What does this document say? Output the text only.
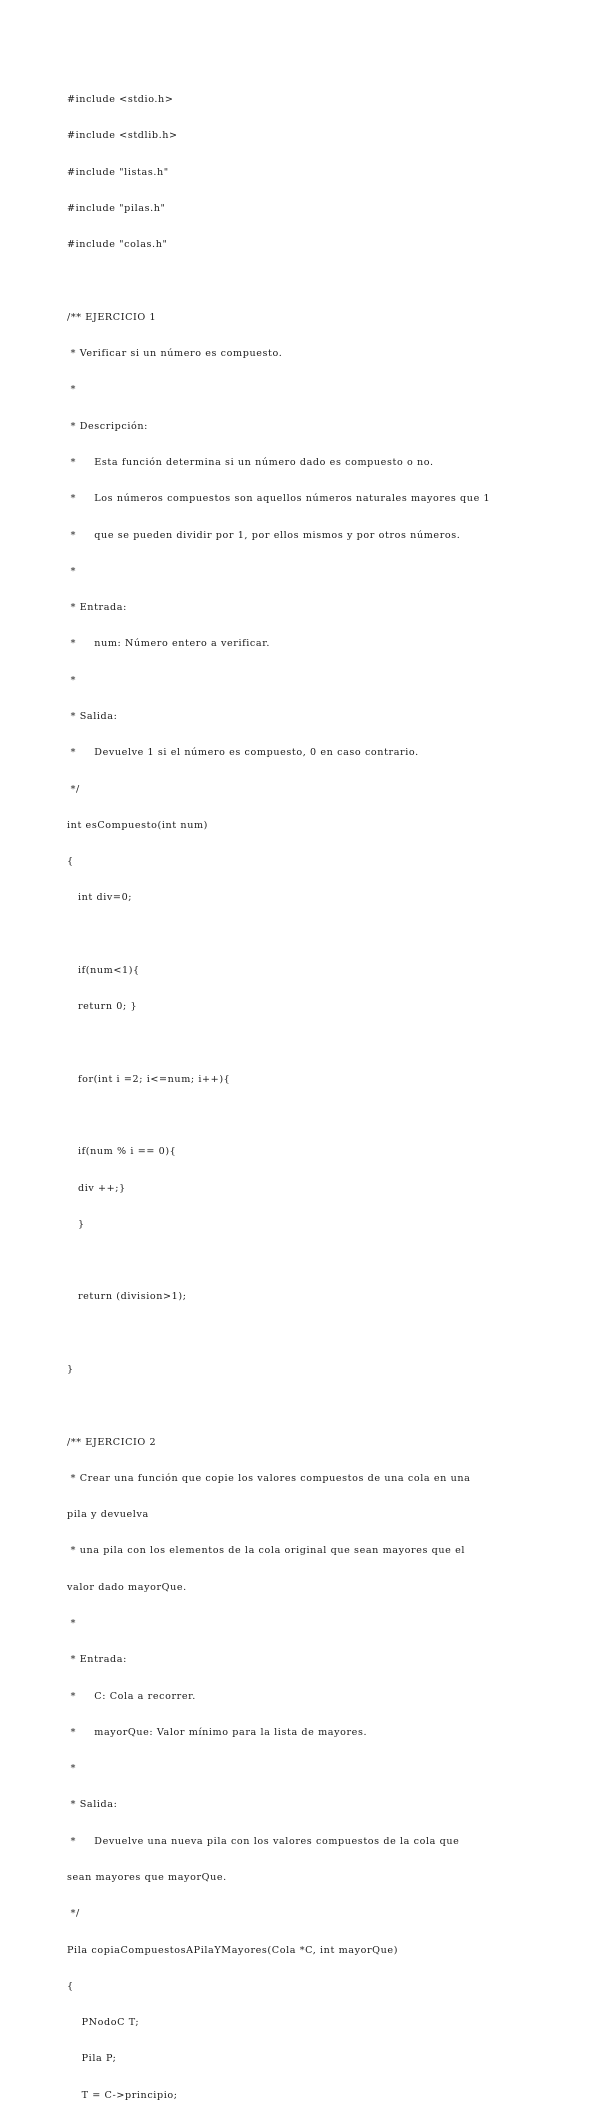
#include <stdio.h>

#include <stdlib.h>

#include "listas.h"

#include "pilas.h"

#include "colas.h"

/** EJERCICIO 1

* Verificar si un número es compuesto.

*

* Descripción:

*     Esta función determina si un número dado es compuesto o no.

*     Los números compuestos son aquellos números naturales mayores que 1

*     que se pueden dividir por 1, por ellos mismos y por otros números.

*

* Entrada:

*     num: Número entero a verificar.

*

* Salida:

*     Devuelve 1 si el número es compuesto, 0 en caso contrario.

*/

int esCompuesto(int num)

{

int div=0;

if(num<1){

return 0; }

for(int i =2; i<=num; i++){

if(num % i == 0){

div ++;}

}

return (division>1);

}

/** EJERCICIO 2

* Crear una función que copie los valores compuestos de una cola en una

pila y devuelva

* una pila con los elementos de la cola original que sean mayores que el

valor dado mayorQue.

*

* Entrada:

*     C: Cola a recorrer.

*     mayorQue: Valor mínimo para la lista de mayores.

*

* Salida:

*     Devuelve una nueva pila con los valores compuestos de la cola que

sean mayores que mayorQue.

*/

Pila copiaCompuestosAPilaYMayores(Cola *C, int mayorQue)

{

PNodoC T;

Pila P;

T = C->principio;
